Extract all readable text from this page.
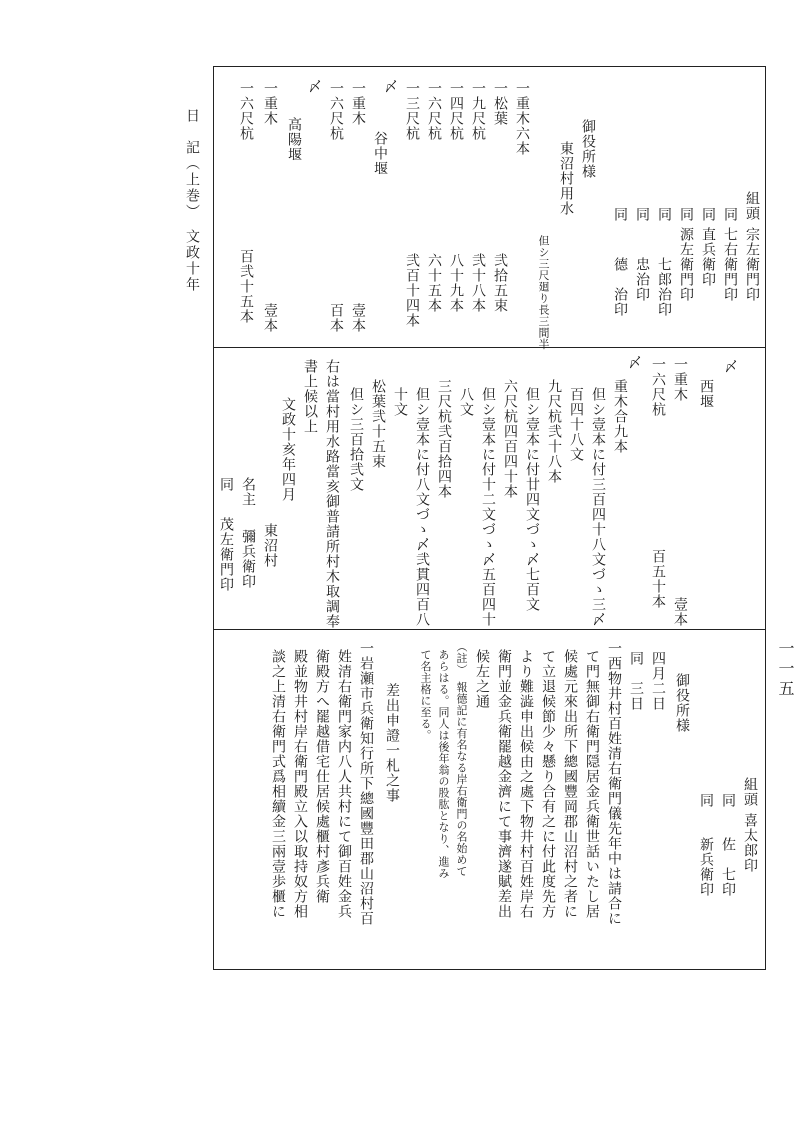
日　記（上巻）　文政十年
一一五
組頭
宗左衛門印
同
七右衛門印
同
直兵衛印
同
源左衛門印
同
七郎治印
同
忠治印
同
德　治印
御役所様
東沼村用水
但シ三尺廻り長三間半
一重木六本
一松葉
弐拾五束
一九尺杭
弐十八本
一四尺杭
八十九本
一六尺杭
六十五本
一三尺杭
弐百十四本
〆
谷中堰
一重木
壹本
一六尺杭
百本
〆
高陽堰
一重木
壹本
一六尺杭
百弐十五本
〆
西堰
一重木
壹本
一六尺杭
百五十本
〆
重木合九本
但シ壹本に付三百四十八文づゝ三〆
百四十八文
九尺杭弐十八本
但シ壹本に付廿四文づゝ〆七百文
六尺杭四百四十本
但シ壹本に付十二文づゝ〆五百四十
八文
三尺杭弐百拾四本
但シ壹本に付八文づゝ〆弐貫四百八
十文
松葉弐十五束
但シ三百拾弐文
右は當村用水路當亥御普請所村木取調奉
書上候以上
文政十亥年四月
東沼村
名主
彌兵衛印
同
茂左衛門印
組頭
喜太郎印
同
佐　七印
同
新兵衛印
御役所様
四月二日
同　三日
一西物井村百姓清右衛門儀先年中は請合に
て門無御右衛門隠居金兵衛世話いたし居
候處元來出所下總國豐岡郡山沼村之者に
て立退候節少々懸り合有之に付此度先方
より難澁申出候由之處下物井村百姓岸右
衛門並金兵衛罷越金濟にて事濟遂賦差出
候左之通
（註）　報德記に有名なる岸右衛門の名始めて
あらはる。同人は後年翁の股肱となり、進み
て名主格に至る。
差出申證一札之事
一岩瀬市兵衛知行所下總國豐田郡山沼村百
姓清右衛門家内八人共村にて御百姓金兵
衛殿方へ罷越借宅仕居候處櫃村彥兵衛
殿並物井村岸右衛門殿立入以取持奴方相
談之上清右衛門式爲相續金三兩壹歩櫃に
